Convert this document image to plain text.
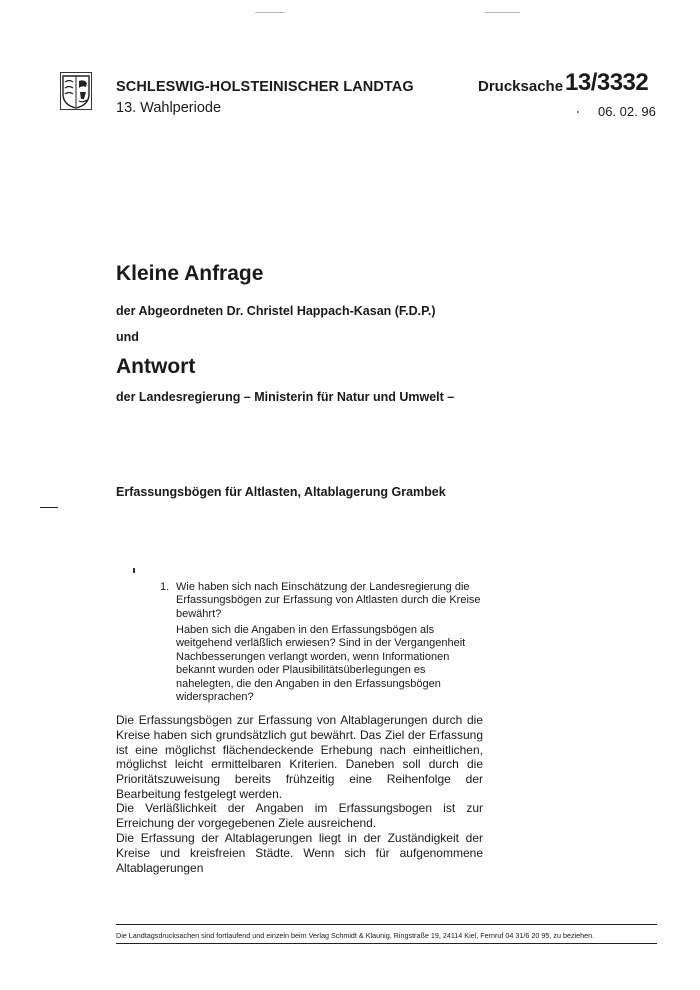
SCHLESWIG-HOLSTEINISCHER LANDTAG
13. Wahlperiode
Drucksache 13/3332
06. 02. 96
Kleine Anfrage
der Abgeordneten Dr. Christel Happach-Kasan (F.D.P.)
und
Antwort
der Landesregierung – Ministerin für Natur und Umwelt –
Erfassungsbögen für Altlasten, Altablagerung Grambek
1. Wie haben sich nach Einschätzung der Landesregierung die Erfassungsbögen zur Erfassung von Altlasten durch die Kreise bewährt?
Haben sich die Angaben in den Erfassungsbögen als weitgehend verläßlich erwiesen? Sind in der Vergangenheit Nachbesserungen verlangt worden, wenn Informationen bekannt wurden oder Plausibilitätsüberlegungen es nahelegten, die den Angaben in den Erfassungsbögen widersprachen?
Die Erfassungsbögen zur Erfassung von Altablagerungen durch die Kreise haben sich grundsätzlich gut bewährt. Das Ziel der Erfassung ist eine möglichst flächendeckende Erhebung nach einheitlichen, möglichst leicht ermittelbaren Kriterien. Daneben soll durch die Prioritätszuweisung bereits frühzeitig eine Reihenfolge der Bearbeitung festgelegt werden.
Die Verläßlichkeit der Angaben im Erfassungsbogen ist zur Erreichung der vorgegebenen Ziele ausreichend.
Die Erfassung der Altablagerungen liegt in der Zuständigkeit der Kreise und kreisfreien Städte. Wenn sich für aufgenommene Altablagerungen
Die Landtagsdrucksachen sind fortlaufend und einzeln beim Verlag Schmidt & Klaunig, Ringstraße 19, 24114 Kiel, Fernruf 04 31/6 20 95, zu beziehen.
